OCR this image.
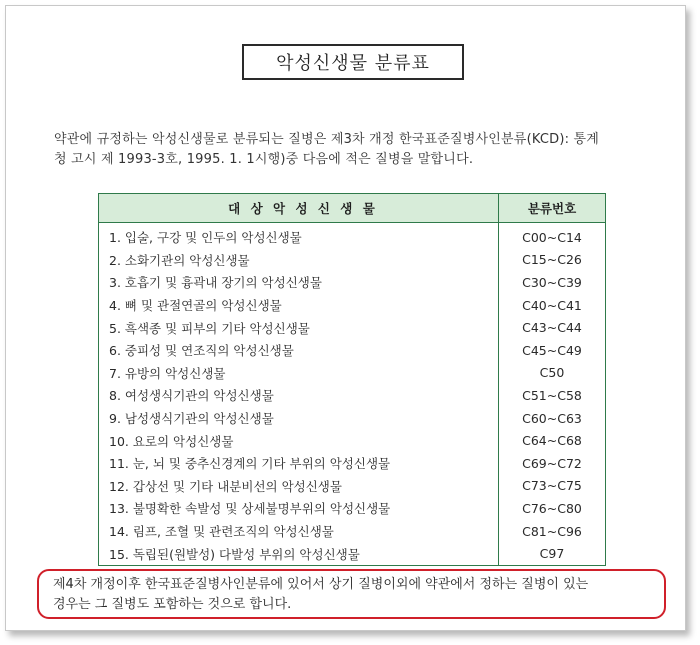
악성신생물 분류표
약관에 규정하는 악성신생물로 분류되는 질병은 제3차 개정 한국표준질병사인분류(KCD): 통계
청 고시 제 1993-3호, 1995. 1. 1시행)중 다음에 적은 질병을 말합니다.
대 상 악 성 신 생 물	분류번호
1. 입술, 구강 및 인두의 악성신생물	C00~C14
2. 소화기관의 악성신생물	C15~C26
3. 호흡기 및 흉곽내 장기의 악성신생물	C30~C39
4. 뼈 및 관절연골의 악성신생물	C40~C41
5. 흑색종 및 피부의 기타 악성신생물	C43~C44
6. 중피성 및 연조직의 악성신생물	C45~C49
7. 유방의 악성신생물	C50
8. 여성생식기관의 악성신생물	C51~C58
9. 남성생식기관의 악성신생물	C60~C63
10. 요로의 악성신생물	C64~C68
11. 눈, 뇌 및 중추신경계의 기타 부위의 악성신생물	C69~C72
12. 갑상선 및 기타 내분비선의 악성신생물	C73~C75
13. 불명확한 속발성 및 상세불명부위의 악성신생물	C76~C80
14. 림프, 조혈 및 관련조직의 악성신생물	C81~C96
15. 독립된(원발성) 다발성 부위의 악성신생물	C97
제4차 개정이후 한국표준질병사인분류에 있어서 상기 질병이외에 약관에서 정하는 질병이 있는
경우는 그 질병도 포함하는 것으로 합니다.
